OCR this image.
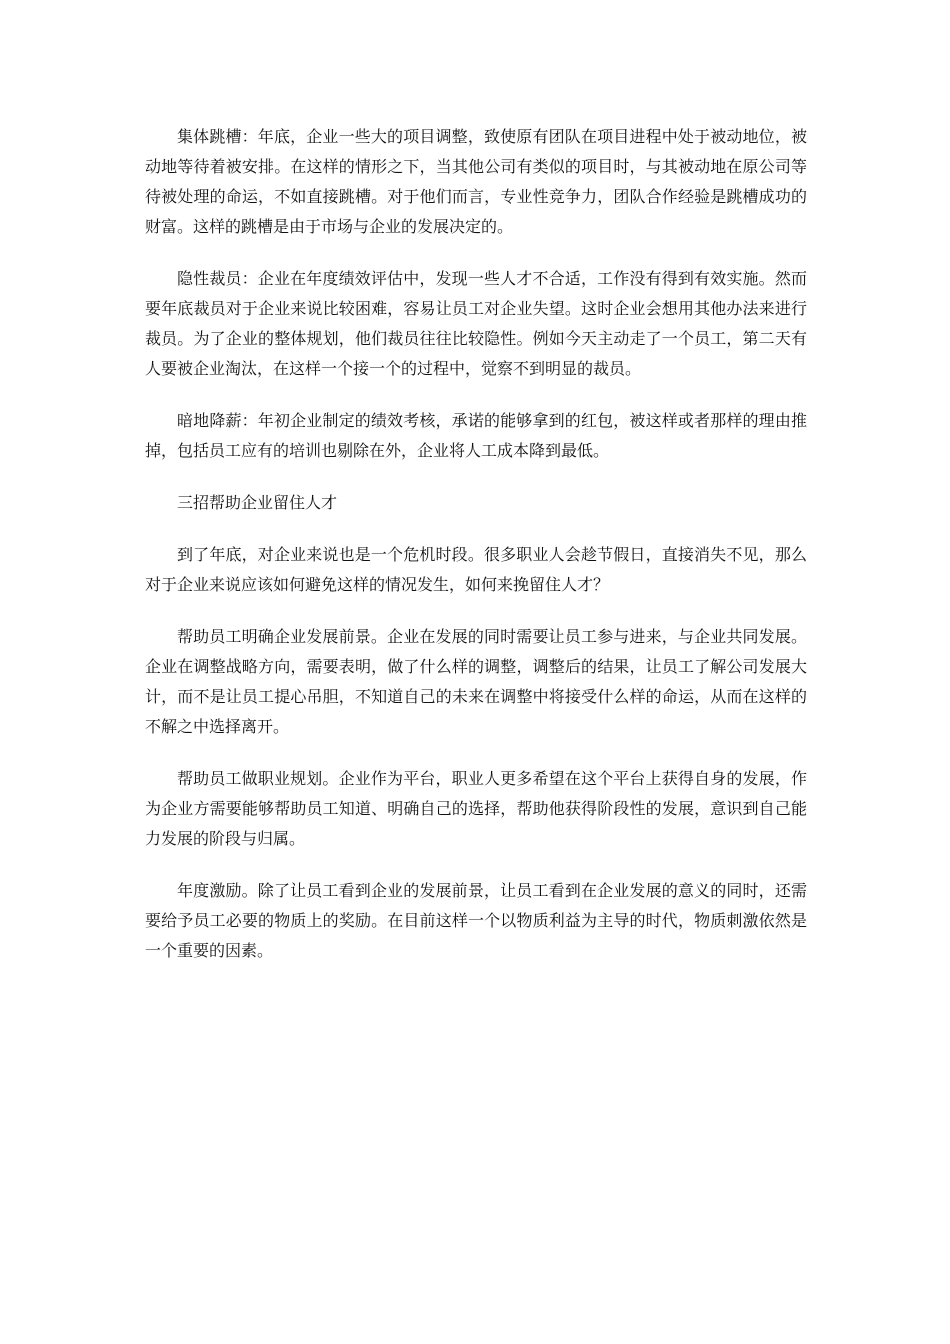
集体跳槽：年底，企业一些大的项目调整，致使原有团队在项目进程中处于被动地位，被动地等待着被安排。在这样的情形之下，当其他公司有类似的项目时，与其被动地在原公司等待被处理的命运，不如直接跳槽。对于他们而言，专业性竞争力，团队合作经验是跳槽成功的财富。这样的跳槽是由于市场与企业的发展决定的。

隐性裁员：企业在年度绩效评估中，发现一些人才不合适，工作没有得到有效实施。然而要年底裁员对于企业来说比较困难，容易让员工对企业失望。这时企业会想用其他办法来进行裁员。为了企业的整体规划，他们裁员往往比较隐性。例如今天主动走了一个员工，第二天有人要被企业淘汰，在这样一个接一个的过程中，觉察不到明显的裁员。

暗地降薪：年初企业制定的绩效考核，承诺的能够拿到的红包，被这样或者那样的理由推掉，包括员工应有的培训也剔除在外，企业将人工成本降到最低。

三招帮助企业留住人才

到了年底，对企业来说也是一个危机时段。很多职业人会趁节假日，直接消失不见，那么对于企业来说应该如何避免这样的情况发生，如何来挽留住人才？

帮助员工明确企业发展前景。企业在发展的同时需要让员工参与进来，与企业共同发展。企业在调整战略方向，需要表明，做了什么样的调整，调整后的结果，让员工了解公司发展大计，而不是让员工提心吊胆，不知道自己的未来在调整中将接受什么样的命运，从而在这样的不解之中选择离开。

帮助员工做职业规划。企业作为平台，职业人更多希望在这个平台上获得自身的发展，作为企业方需要能够帮助员工知道、明确自己的选择，帮助他获得阶段性的发展，意识到自己能力发展的阶段与归属。

年度激励。除了让员工看到企业的发展前景，让员工看到在企业发展的意义的同时，还需要给予员工必要的物质上的奖励。在目前这样一个以物质利益为主导的时代，物质刺激依然是一个重要的因素。
